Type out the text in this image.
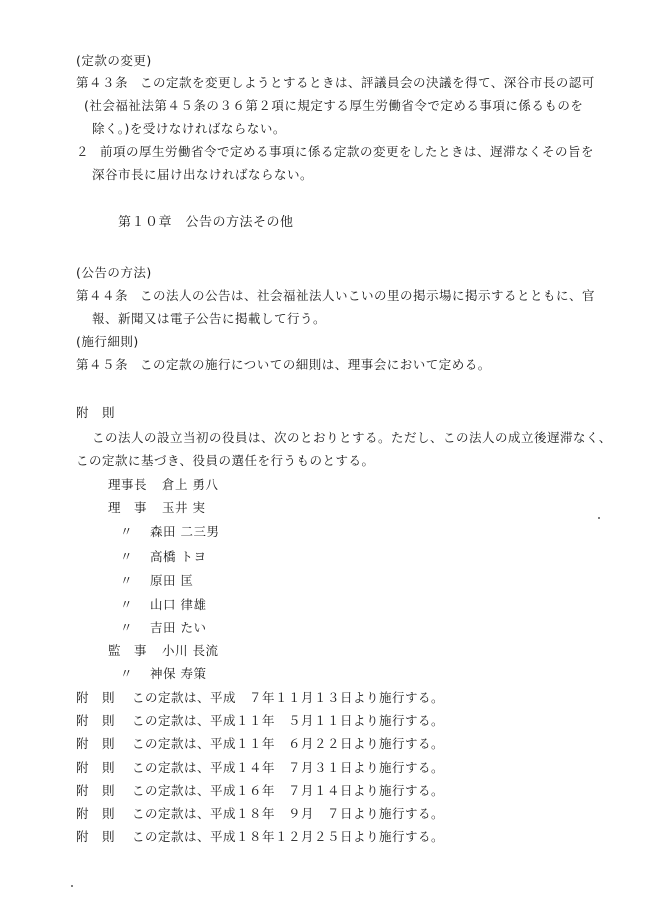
(定款の変更)
第４３条 この定款を変更しようとするときは、評議員会の決議を得て、深谷市長の認可
(社会福祉法第４５条の３６第２項に規定する厚生労働省令で定める事項に係るものを
除く。)を受けなければならない。
２ 前項の厚生労働省令で定める事項に係る定款の変更をしたときは、遅滞なくその旨を
深谷市長に届け出なければならない。
第１０章　公告の方法その他
(公告の方法)
第４４条 この法人の公告は、社会福祉法人いこいの里の掲示場に掲示するとともに、官
報、新聞又は電子公告に掲載して行う。
(施行細則)
第４５条 この定款の施行についての細則は、理事会において定める。
附　則
この法人の設立当初の役員は、次のとおりとする。ただし、この法人の成立後遅滞なく、
この定款に基づき、役員の選任を行うものとする。
理事長 倉上 勇八
理　事 玉井 実
〃 森田 二三男
〃 高橋 トヨ
〃 原田 匡
〃 山口 律雄
〃 吉田 たい
監　事 小川 長流
〃 神保 寿策
附　則 この定款は、平成　７年１１月１３日より施行する。
附　則 この定款は、平成１１年　５月１１日より施行する。
附　則 この定款は、平成１１年　６月２２日より施行する。
附　則 この定款は、平成１４年　７月３１日より施行する。
附　則 この定款は、平成１６年　７月１４日より施行する。
附　則 この定款は、平成１８年　９月　７日より施行する。
附　則 この定款は、平成１８年１２月２５日より施行する。
